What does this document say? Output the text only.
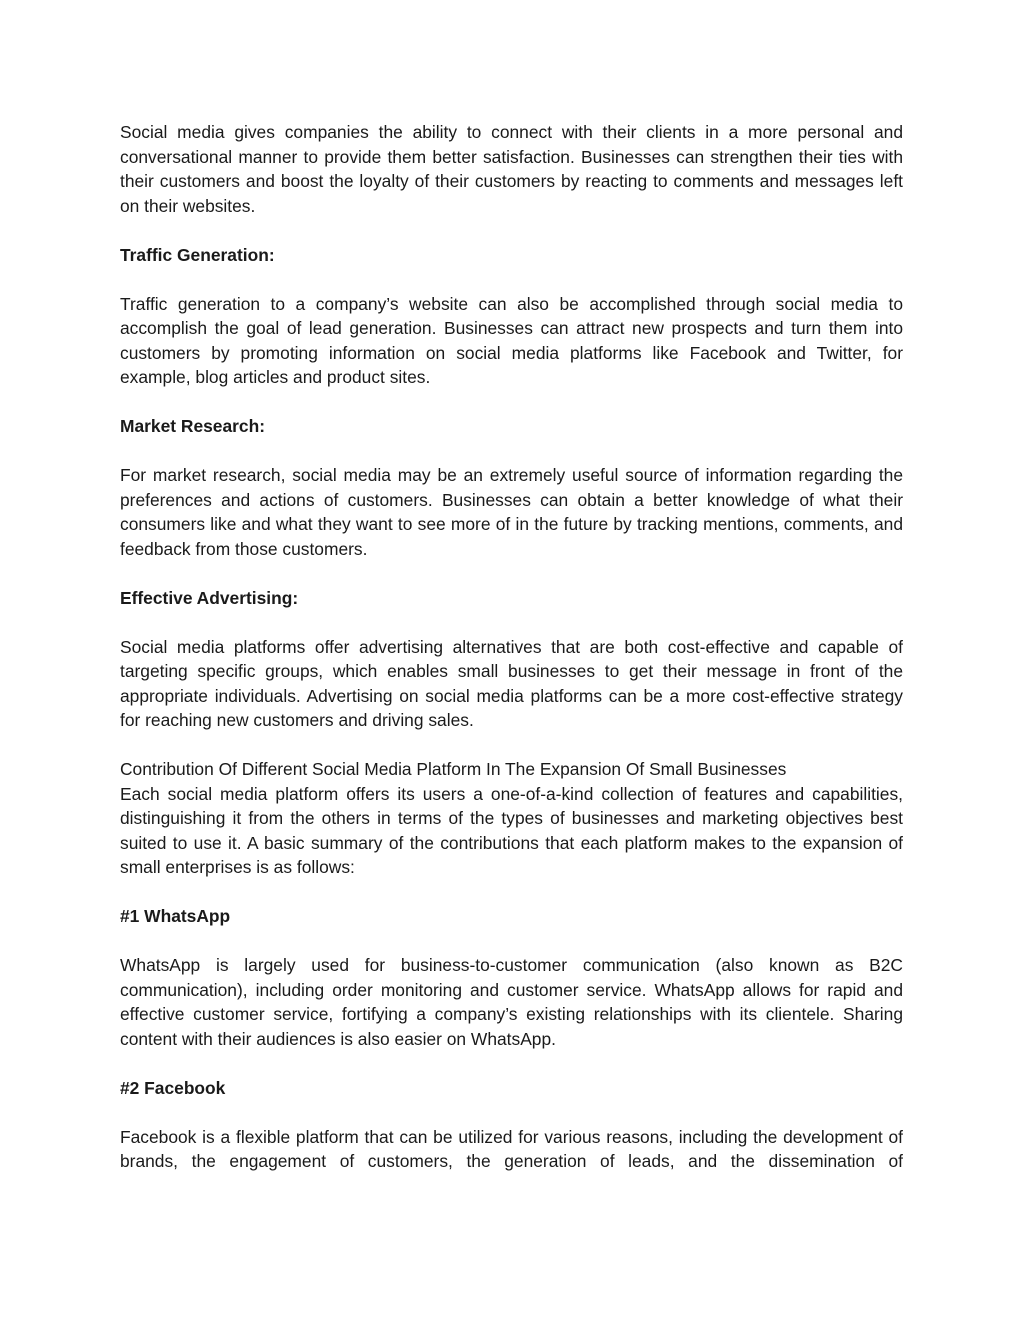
Social media gives companies the ability to connect with their clients in a more personal and conversational manner to provide them better satisfaction. Businesses can strengthen their ties with their customers and boost the loyalty of their customers by reacting to comments and messages left on their websites.

Traffic Generation:

Traffic generation to a company’s website can also be accomplished through social media to accomplish the goal of lead generation. Businesses can attract new prospects and turn them into customers by promoting information on social media platforms like Facebook and Twitter, for example, blog articles and product sites.

Market Research:

For market research, social media may be an extremely useful source of information regarding the preferences and actions of customers. Businesses can obtain a better knowledge of what their consumers like and what they want to see more of in the future by tracking mentions, comments, and feedback from those customers.

Effective Advertising:

Social media platforms offer advertising alternatives that are both cost-effective and capable of targeting specific groups, which enables small businesses to get their message in front of the appropriate individuals. Advertising on social media platforms can be a more cost-effective strategy for reaching new customers and driving sales.

Contribution Of Different Social Media Platform In The Expansion Of Small Businesses

Each social media platform offers its users a one-of-a-kind collection of features and capabilities, distinguishing it from the others in terms of the types of businesses and marketing objectives best suited to use it. A basic summary of the contributions that each platform makes to the expansion of small enterprises is as follows:

#1 WhatsApp

WhatsApp is largely used for business-to-customer communication (also known as B2C communication), including order monitoring and customer service. WhatsApp allows for rapid and effective customer service, fortifying a company’s existing relationships with its clientele. Sharing content with their audiences is also easier on WhatsApp.

#2 Facebook

Facebook is a flexible platform that can be utilized for various reasons, including the development of brands, the engagement of customers, the generation of leads, and the dissemination of
